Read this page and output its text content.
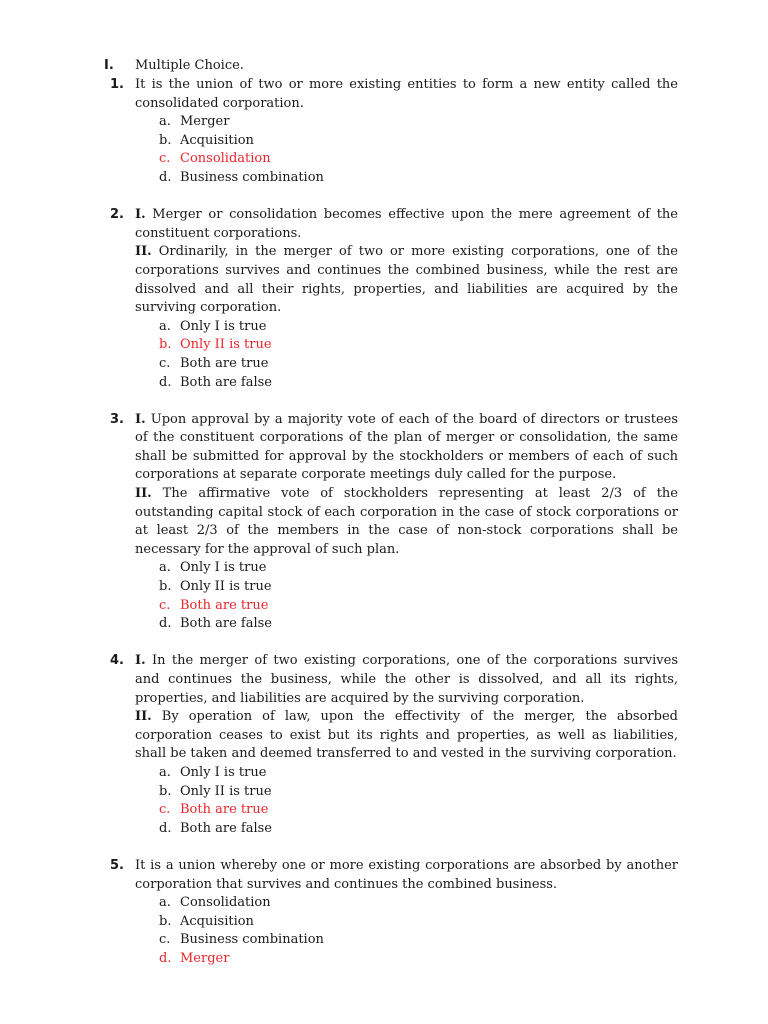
I. Multiple Choice.
1. It is the union of two or more existing entities to form a new entity called the consolidated corporation.

a. Merger
b. Acquisition
c. Consolidation
d. Business combination
2. I. Merger or consolidation becomes effective upon the mere agreement of the constituent corporations.

II. Ordinarily, in the merger of two or more existing corporations, one of the corporations survives and continues the combined business, while the rest are dissolved and all their rights, properties, and liabilities are acquired by the surviving corporation.

a. Only I is true
b. Only II is true
c. Both are true
d. Both are false
3. I. Upon approval by a majority vote of each of the board of directors or trustees of the constituent corporations of the plan of merger or consolidation, the same shall be submitted for approval by the stockholders or members of each of such corporations at separate corporate meetings duly called for the purpose.

II. The affirmative vote of stockholders representing at least 2/3 of the outstanding capital stock of each corporation in the case of stock corporations or at least 2/3 of the members in the case of non-stock corporations shall be necessary for the approval of such plan.

a. Only I is true
b. Only II is true
c. Both are true
d. Both are false
4. I. In the merger of two existing corporations, one of the corporations survives and continues the business, while the other is dissolved, and all its rights, properties, and liabilities are acquired by the surviving corporation.

II. By operation of law, upon the effectivity of the merger, the absorbed corporation ceases to exist but its rights and properties, as well as liabilities, shall be taken and deemed transferred to and vested in the surviving corporation.

a. Only I is true
b. Only II is true
c. Both are true
d. Both are false
5. It is a union whereby one or more existing corporations are absorbed by another corporation that survives and continues the combined business.

a. Consolidation
b. Acquisition
c. Business combination
d. Merger
